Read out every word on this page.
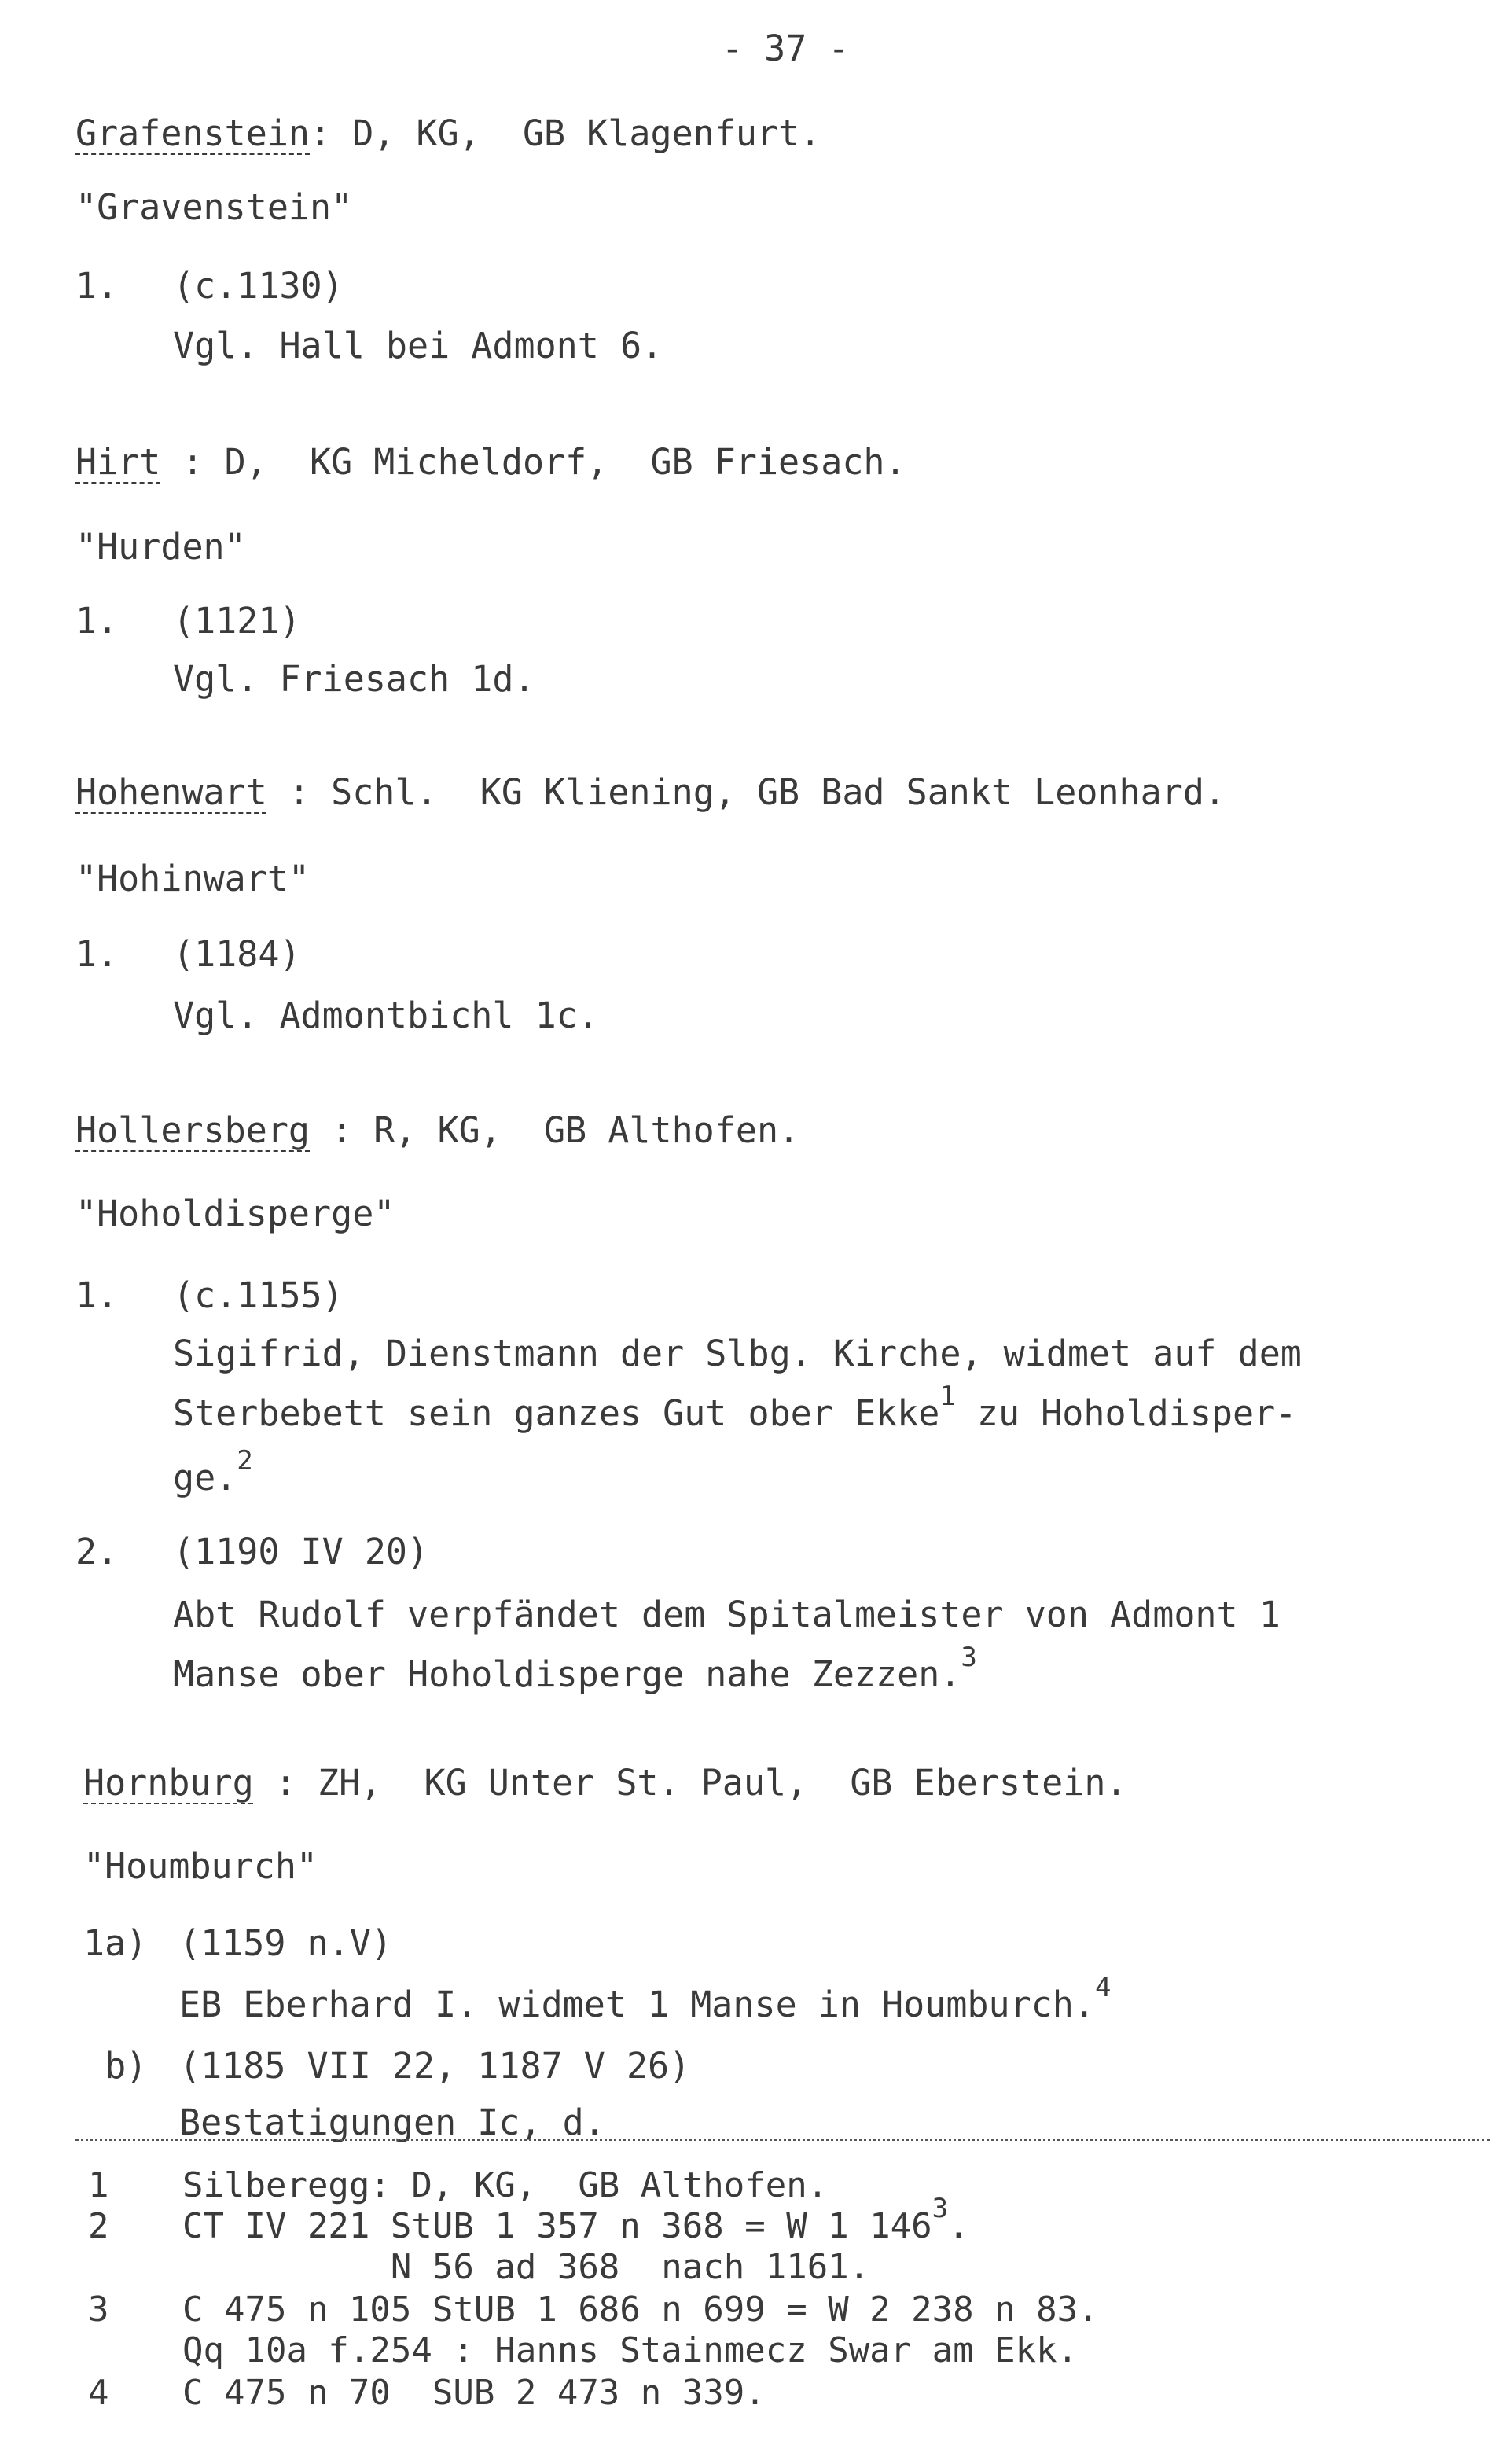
- 37 -
Grafenstein: D, KG,  GB Klagenfurt.
"Gravenstein"
1. (c.1130)
Vgl. Hall bei Admont 6.
Hirt : D,  KG Micheldorf,  GB Friesach.
"Hurden"
1. (1121)
Vgl. Friesach 1d.
Hohenwart : Schl.  KG Kliening, GB Bad Sankt Leonhard.
"Hohinwart"
1. (1184)
Vgl. Admontbichl 1c.
Hollersberg : R, KG,  GB Althofen.
"Hoholdisperge"
1. (c.1155)
Sigifrid, Dienstmann der Slbg. Kirche, widmet auf dem
Sterbebett sein ganzes Gut ober Ekke$^1$ zu Hoholdisper-
ge.$^2$
2. (1190 IV 20)
Abt Rudolf verpfändet dem Spitalmeister von Admont 1
Manse ober Hoholdisperge nahe Zezzen.$^3$
Hornburg : ZH,  KG Unter St. Paul,  GB Eberstein.
"Houmburch"
1a) (1159 n.V)
EB Eberhard I. widmet 1 Manse in Houmburch.$^4$
b) (1185 VII 22, 1187 V 26)
Bestatigungen Ic, d.
1 Silberegg: D, KG,  GB Althofen.
2 CT IV 221 StUB 1 357 n 368 = W 1 $146^3$.
N 56 ad 368  nach 1161.
3 C 475 n 105 StUB 1 686 n 699 = W 2 238 n 83.
Qq 10a f.254 : Hanns Stainmecz Swar am Ekk.
4 C 475 n 70  SUB 2 473 n 339.
